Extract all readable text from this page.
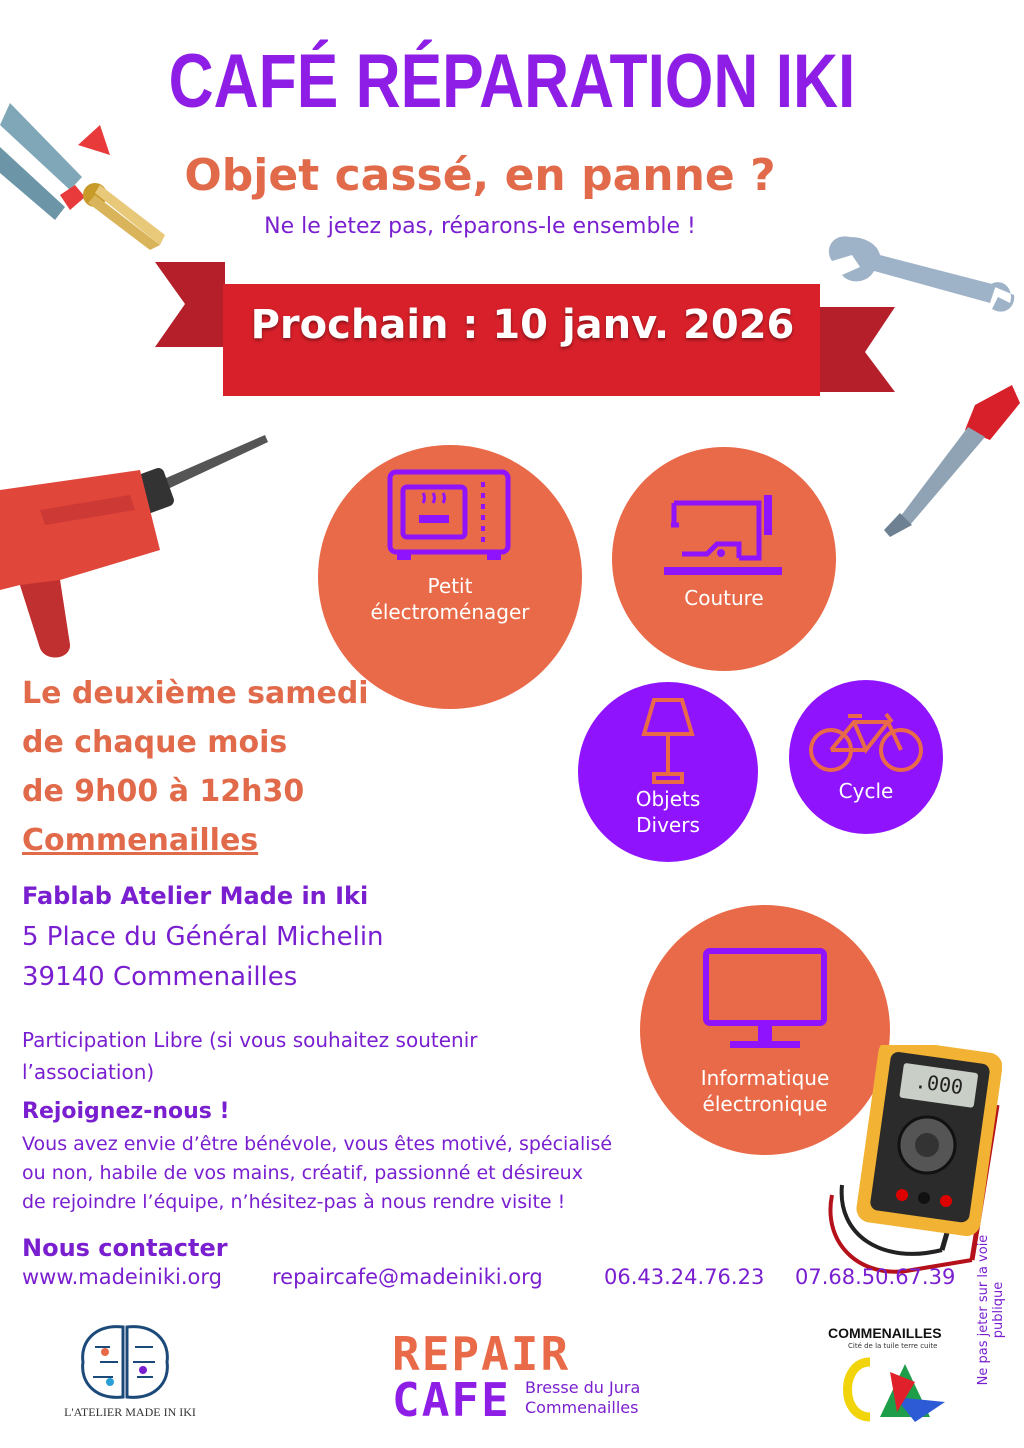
CAFÉ RÉPARATION IKI
Objet cassé, en panne ?
Ne le jetez pas, réparons-le ensemble !
Prochain : 10 janv. 2026
Petit électroménager
Couture
Objets Divers
Cycle
Informatique électronique
.000
Le deuxième samedi
de chaque mois
de 9h00 à 12h30
Commenailles
Fablab Atelier Made in Iki
5 Place du Général Michelin
39140 Commenailles
Participation Libre (si vous souhaitez soutenir
l’association)
Rejoignez-nous !
Vous avez envie d’être bénévole, vous êtes motivé, spécialisé
ou non, habile de vos mains, créatif, passionné et désireux
de rejoindre l’équipe, n’hésitez-pas à nous rendre visite !
Nous contacter
www.madeiniki.org repaircafe@madeiniki.org	06.43.24.76.23 07.68.50.67.39
L'ATELIER MADE IN IKI
REPAIR
CAFE Bresse du Jura
Commenailles
COMMENAILLES
Cité de la tuile terre cuite	Ne pas jeter sur la voie publique
